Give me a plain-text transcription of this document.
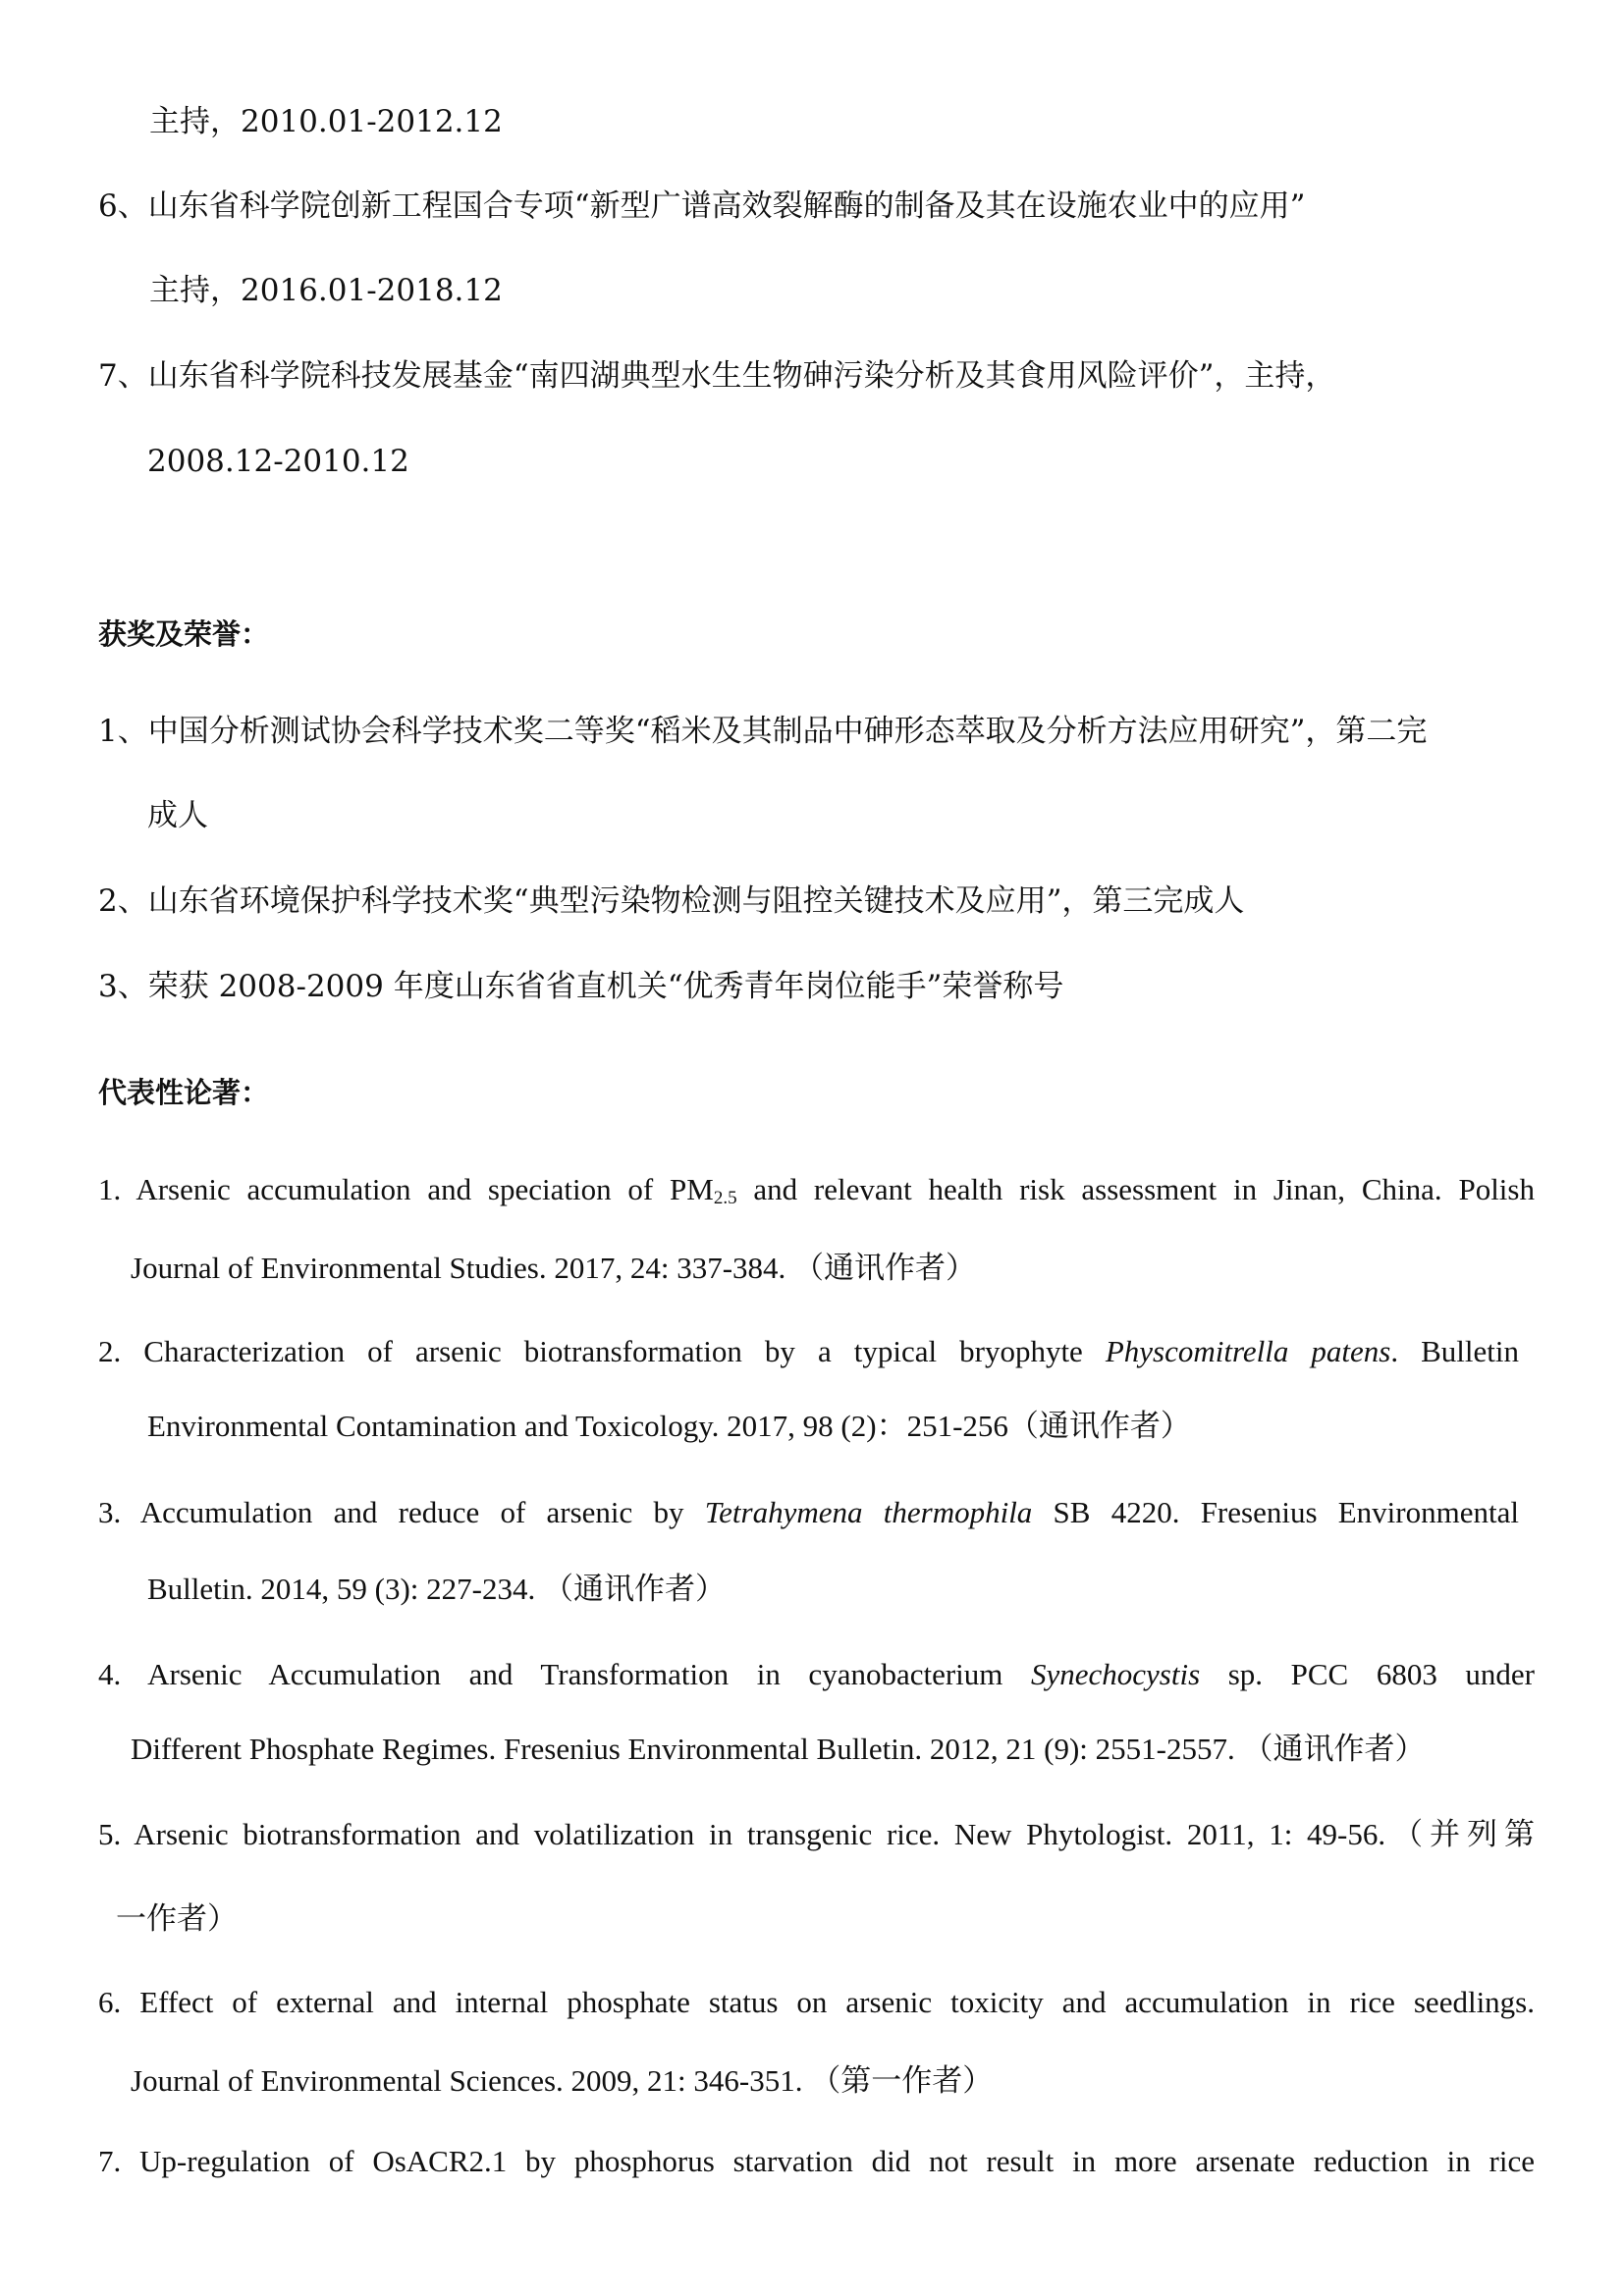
主持，2010.01-2012.12
6、山东省科学院创新工程国合专项“新型广谱高效裂解酶的制备及其在设施农业中的应用”
主持，2016.01-2018.12
7、山东省科学院科技发展基金“南四湖典型水生生物砷污染分析及其食用风险评价”，主持，
2008.12-2010.12
获奖及荣誉：
1、中国分析测试协会科学技术奖二等奖“稻米及其制品中砷形态萃取及分析方法应用研究”，第二完
成人
2、山东省环境保护科学技术奖“典型污染物检测与阻控关键技术及应用”，第三完成人
3、荣获 2008-2009 年度山东省省直机关“优秀青年岗位能手”荣誉称号
代表性论著：
1. Arsenic accumulation and speciation of $PM_{2.5}$ and relevant health risk assessment in Jinan, China. Polish
Journal of Environmental Studies. 2017, 24: 337-384. （通讯作者）
2. Characterization of arsenic biotransformation by a typical bryophyte Physcomitrella patens. Bulletin
Environmental Contamination and Toxicology. 2017, 98 (2)：251-256（通讯作者）
3. Accumulation and reduce of arsenic by Tetrahymena thermophila SB 4220. Fresenius Environmental
Bulletin. 2014, 59 (3): 227-234. （通讯作者）
4. Arsenic Accumulation and Transformation in cyanobacterium Synechocystis sp. PCC 6803 under
Different Phosphate Regimes. Fresenius Environmental Bulletin. 2012, 21 (9): 2551-2557. （通讯作者）
5. Arsenic biotransformation and volatilization in transgenic rice. New Phytologist. 2011, 1: 49-56.（并列第
一作者）
6. Effect of external and internal phosphate status on arsenic toxicity and accumulation in rice seedlings.
Journal of Environmental Sciences. 2009, 21: 346-351. （第一作者）
7. Up-regulation of OsACR2.1 by phosphorus starvation did not result in more arsenate reduction in rice
